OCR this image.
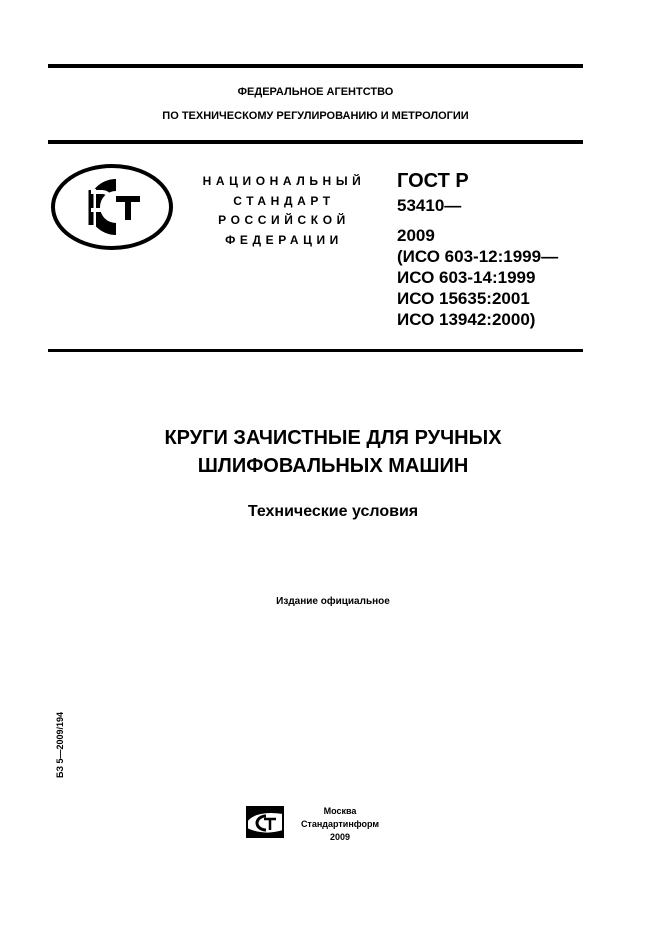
ФЕДЕРАЛЬНОЕ АГЕНТСТВО
ПО ТЕХНИЧЕСКОМУ РЕГУЛИРОВАНИЮ И МЕТРОЛОГИИ
НАЦИОНАЛЬНЫЙ
СТАНДАРТ
РОССИЙСКОЙ
ФЕДЕРАЦИИ
ГОСТ Р
53410—
2009
(ИСО 603-12:1999—
ИСО 603-14:1999
ИСО 15635:2001
ИСО 13942:2000)
КРУГИ ЗАЧИСТНЫЕ ДЛЯ РУЧНЫХ
ШЛИФОВАЛЬНЫХ МАШИН
Технические условия
Издание официальное
БЗ 5—2009/194
Москва
Стандартинформ
2009
